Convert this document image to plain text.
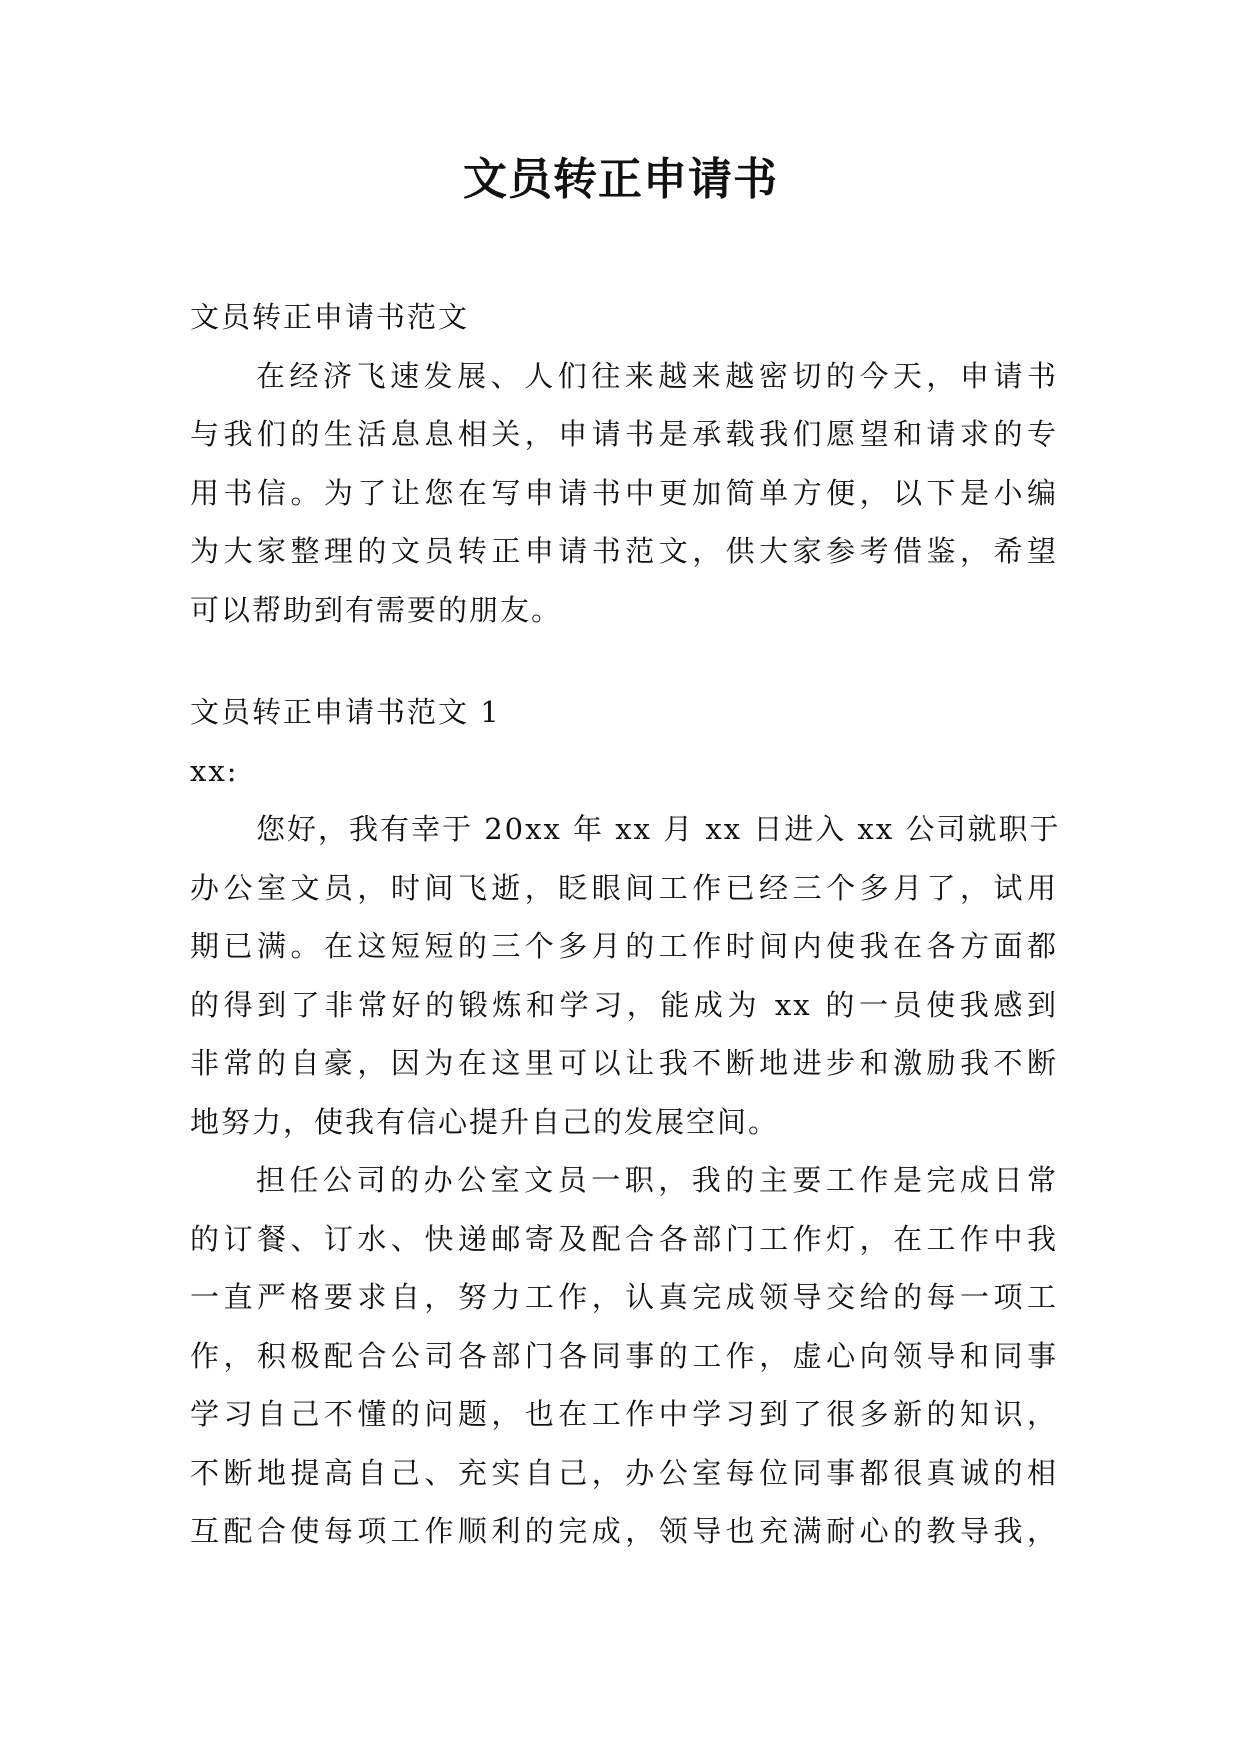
文员转正申请书
文员转正申请书范文
在经济飞速发展、人们往来越来越密切的今天，申请书
与我们的生活息息相关，申请书是承载我们愿望和请求的专
用书信。为了让您在写申请书中更加简单方便，以下是小编
为大家整理的文员转正申请书范文，供大家参考借鉴，希望
可以帮助到有需要的朋友。
文员转正申请书范文 1
xx:
您好，我有幸于 20xx 年 xx 月 xx 日进入 xx 公司就职于
办公室文员，时间飞逝，眨眼间工作已经三个多月了，试用
期已满。在这短短的三个多月的工作时间内使我在各方面都
的得到了非常好的锻炼和学习，能成为 xx 的一员使我感到
非常的自豪，因为在这里可以让我不断地进步和激励我不断
地努力，使我有信心提升自己的发展空间。
担任公司的办公室文员一职，我的主要工作是完成日常
的订餐、订水、快递邮寄及配合各部门工作灯，在工作中我
一直严格要求自，努力工作，认真完成领导交给的每一项工
作，积极配合公司各部门各同事的工作，虚心向领导和同事
学习自己不懂的问题，也在工作中学习到了很多新的知识，
不断地提高自己、充实自己，办公室每位同事都很真诚的相
互配合使每项工作顺利的完成，领导也充满耐心的教导我，
